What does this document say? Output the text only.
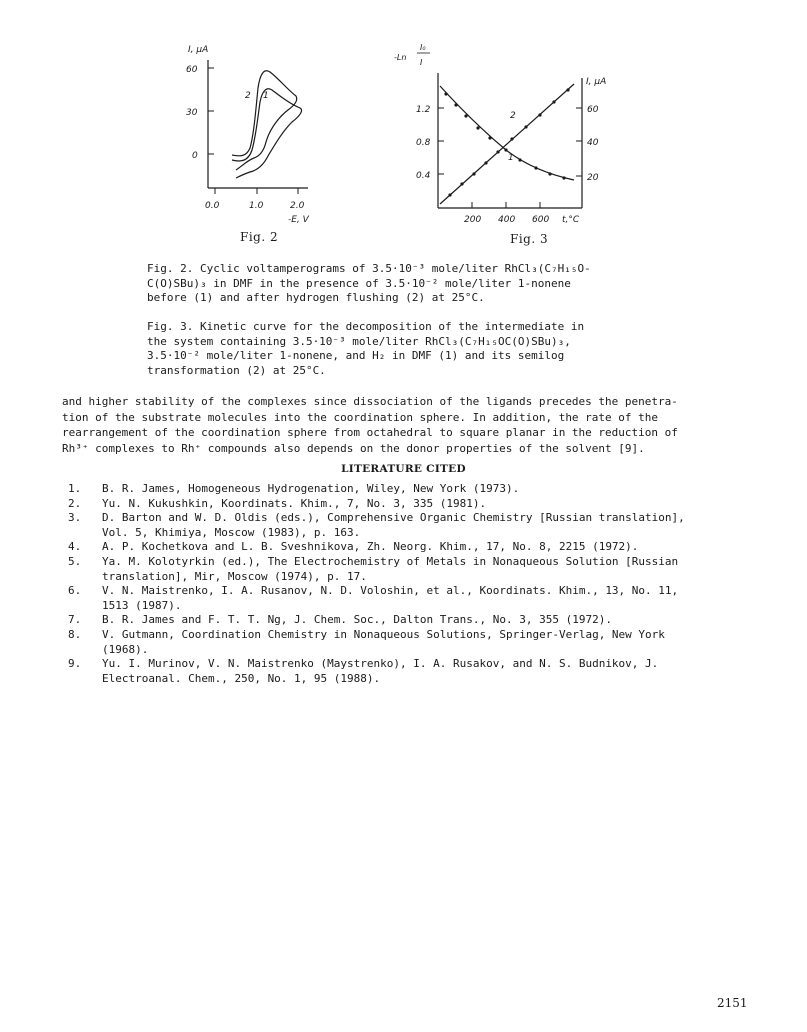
I, μA
60
30
0
0.0	1.0	2.0
-E, V
2 1
Fig. 2
I₀
-Ln
I
1.2
0.8
0.4
I, μA
60
40
20
200 400 600 t,°C
2
1
Fig. 3
Fig. 2. Cyclic voltamperograms of 3.5·10⁻³ mole/liter RhCl₃(C₇H₁₅O-
C(O)SBu)₃ in DMF in the presence of 3.5·10⁻² mole/liter 1-nonene
before (1) and after hydrogen flushing (2) at 25°C.
Fig. 3. Kinetic curve for the decomposition of the intermediate in
the system containing 3.5·10⁻³ mole/liter RhCl₃(C₇H₁₅OC(O)SBu)₃,
3.5·10⁻² mole/liter 1-nonene, and H₂ in DMF (1) and its semilog
transformation (2) at 25°C.
and higher stability of the complexes since dissociation of the ligands precedes the penetra-
tion of the substrate molecules into the coordination sphere. In addition, the rate of the
rearrangement of the coordination sphere from octahedral to square planar in the reduction of
Rh³⁺ complexes to Rh⁺ compounds also depends on the donor properties of the solvent [9].
LITERATURE CITED
1.	B. R. James, Homogeneous Hydrogenation, Wiley, New York (1973).
2.	Yu. N. Kukushkin, Koordinats. Khim., 7, No. 3, 335 (1981).
3.	D. Barton and W. D. Oldis (eds.), Comprehensive Organic Chemistry [Russian translation],
Vol. 5, Khimiya, Moscow (1983), p. 163.
4.	A. P. Kochetkova and L. B. Sveshnikova, Zh. Neorg. Khim., 17, No. 8, 2215 (1972).
5.	Ya. M. Kolotyrkin (ed.), The Electrochemistry of Metals in Nonaqueous Solution [Russian
translation], Mir, Moscow (1974), p. 17.
6.	V. N. Maistrenko, I. A. Rusanov, N. D. Voloshin, et al., Koordinats. Khim., 13, No. 11,
1513 (1987).
7.	B. R. James and F. T. T. Ng, J. Chem. Soc., Dalton Trans., No. 3, 355 (1972).
8.	V. Gutmann, Coordination Chemistry in Nonaqueous Solutions, Springer-Verlag, New York
(1968).
9.	Yu. I. Murinov, V. N. Maistrenko (Maystrenko), I. A. Rusakov, and N. S. Budnikov, J.
Electroanal. Chem., 250, No. 1, 95 (1988).
2151
